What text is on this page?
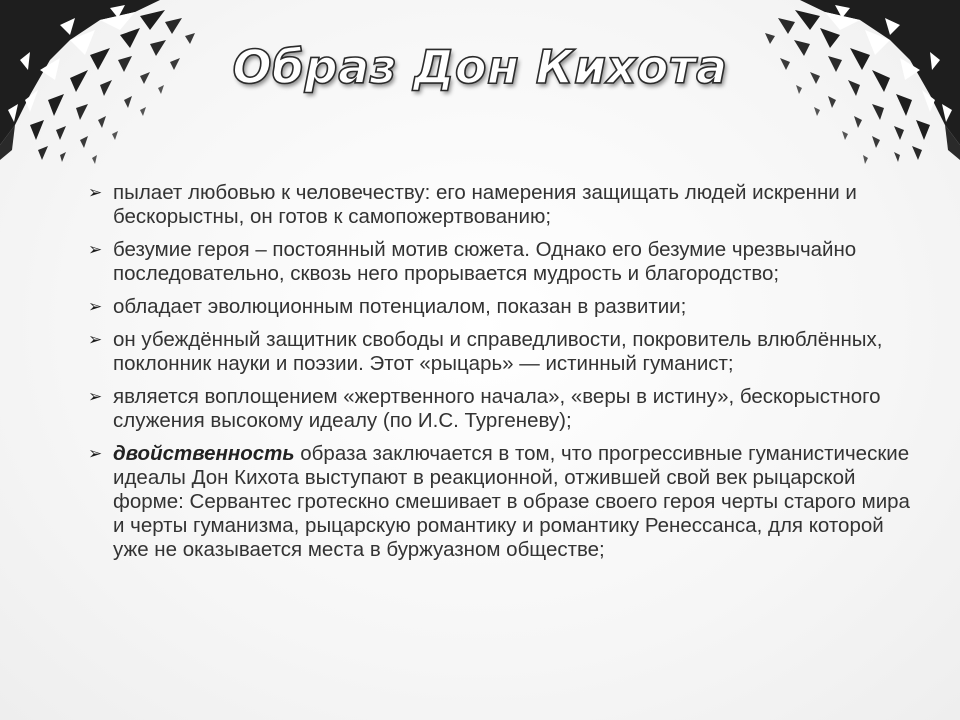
Образ Дон Кихота
➢ пылает любовью к человечеству: его намерения защищать людей искренни и бескорыстны, он готов к самопожертвованию;
➢ безумие героя – постоянный мотив сюжета. Однако его безумие чрезвычайно последовательно, сквозь него прорывается мудрость и благородство;
➢ обладает эволюционным потенциалом, показан в развитии;
➢ он убеждённый защитник свободы и справедливости, покровитель влюблённых, поклонник науки и поэзии. Этот «рыцарь» — истинный гуманист;
➢ является воплощением «жертвенного начала», «веры в истину», бескорыстного служения высокому идеалу (по И.С. Тургеневу);
➢ двойственность образа заключается в том, что прогрессивные гуманистические идеалы Дон Кихота выступают в реакционной, отжившей свой век рыцарской форме: Сервантес гротескно смешивает в образе своего героя черты старого мира и черты гуманизма, рыцарскую романтику и романтику Ренессанса, для которой уже не оказывается места в буржуазном обществе;
